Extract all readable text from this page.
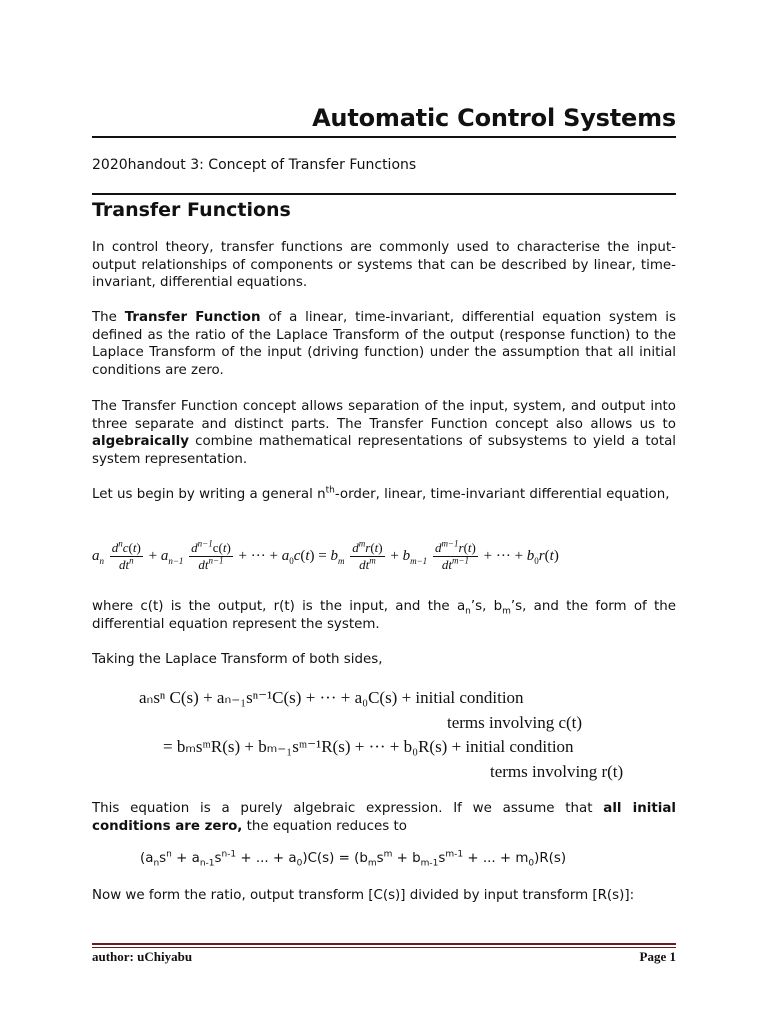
Automatic Control Systems
2020handout 3: Concept of Transfer Functions
Transfer Functions
In control theory, transfer functions are commonly used to characterise the input-output relationships of components or systems that can be described by linear, time-invariant, differential equations.
The Transfer Function of a linear, time-invariant, differential equation system is defined as the ratio of the Laplace Transform of the output (response function) to the Laplace Transform of the input (driving function) under the assumption that all initial conditions are zero.
The Transfer Function concept allows separation of the input, system, and output into three separate and distinct parts. The Transfer Function concept also allows us to algebraically combine mathematical representations of subsystems to yield a total system representation.
Let us begin by writing a general $n^{th}$-order, linear, time-invariant differential equation,
$a_n \frac{d^nc(t)}{dt^n} + a_{n-1} \frac{d^{n-1}c(t)}{dt^{n-1}}$ + ··· + $a_0c(t) = b_m \frac{d^mr(t)}{dt^m} + b_{m-1} \frac{d^{m-1}r(t)}{dt^{m-1}}$ + ··· + $b_0r(t)$
where c(t) is the output, r(t) is the input, and the $a_n’s$, $b_m’s$, and the form of the differential equation represent the system.
Taking the Laplace Transform of both sides,
aₙsⁿ C(s) + aₙ₋₁sⁿ⁻¹C(s) + ··· + a₀C(s) + initial condition
terms involving c(t)
= bₘsᵐR(s) + bₘ₋₁sᵐ⁻¹R(s) + ··· + b₀R(s) + initial condition
terms involving r(t)
This equation is a purely algebraic expression. If we assume that all initial conditions are zero, the equation reduces to
($a_ns^n + a_{n-1}s^{n-1}$ + ... + $a_0)C(s) = (b_ms^m + b_{m-1}s^{m-1}$ + ... + $m_0)R(s)$
Now we form the ratio, output transform [C(s)] divided by input transform [R(s)]:
author: uChiyabu	Page 1
